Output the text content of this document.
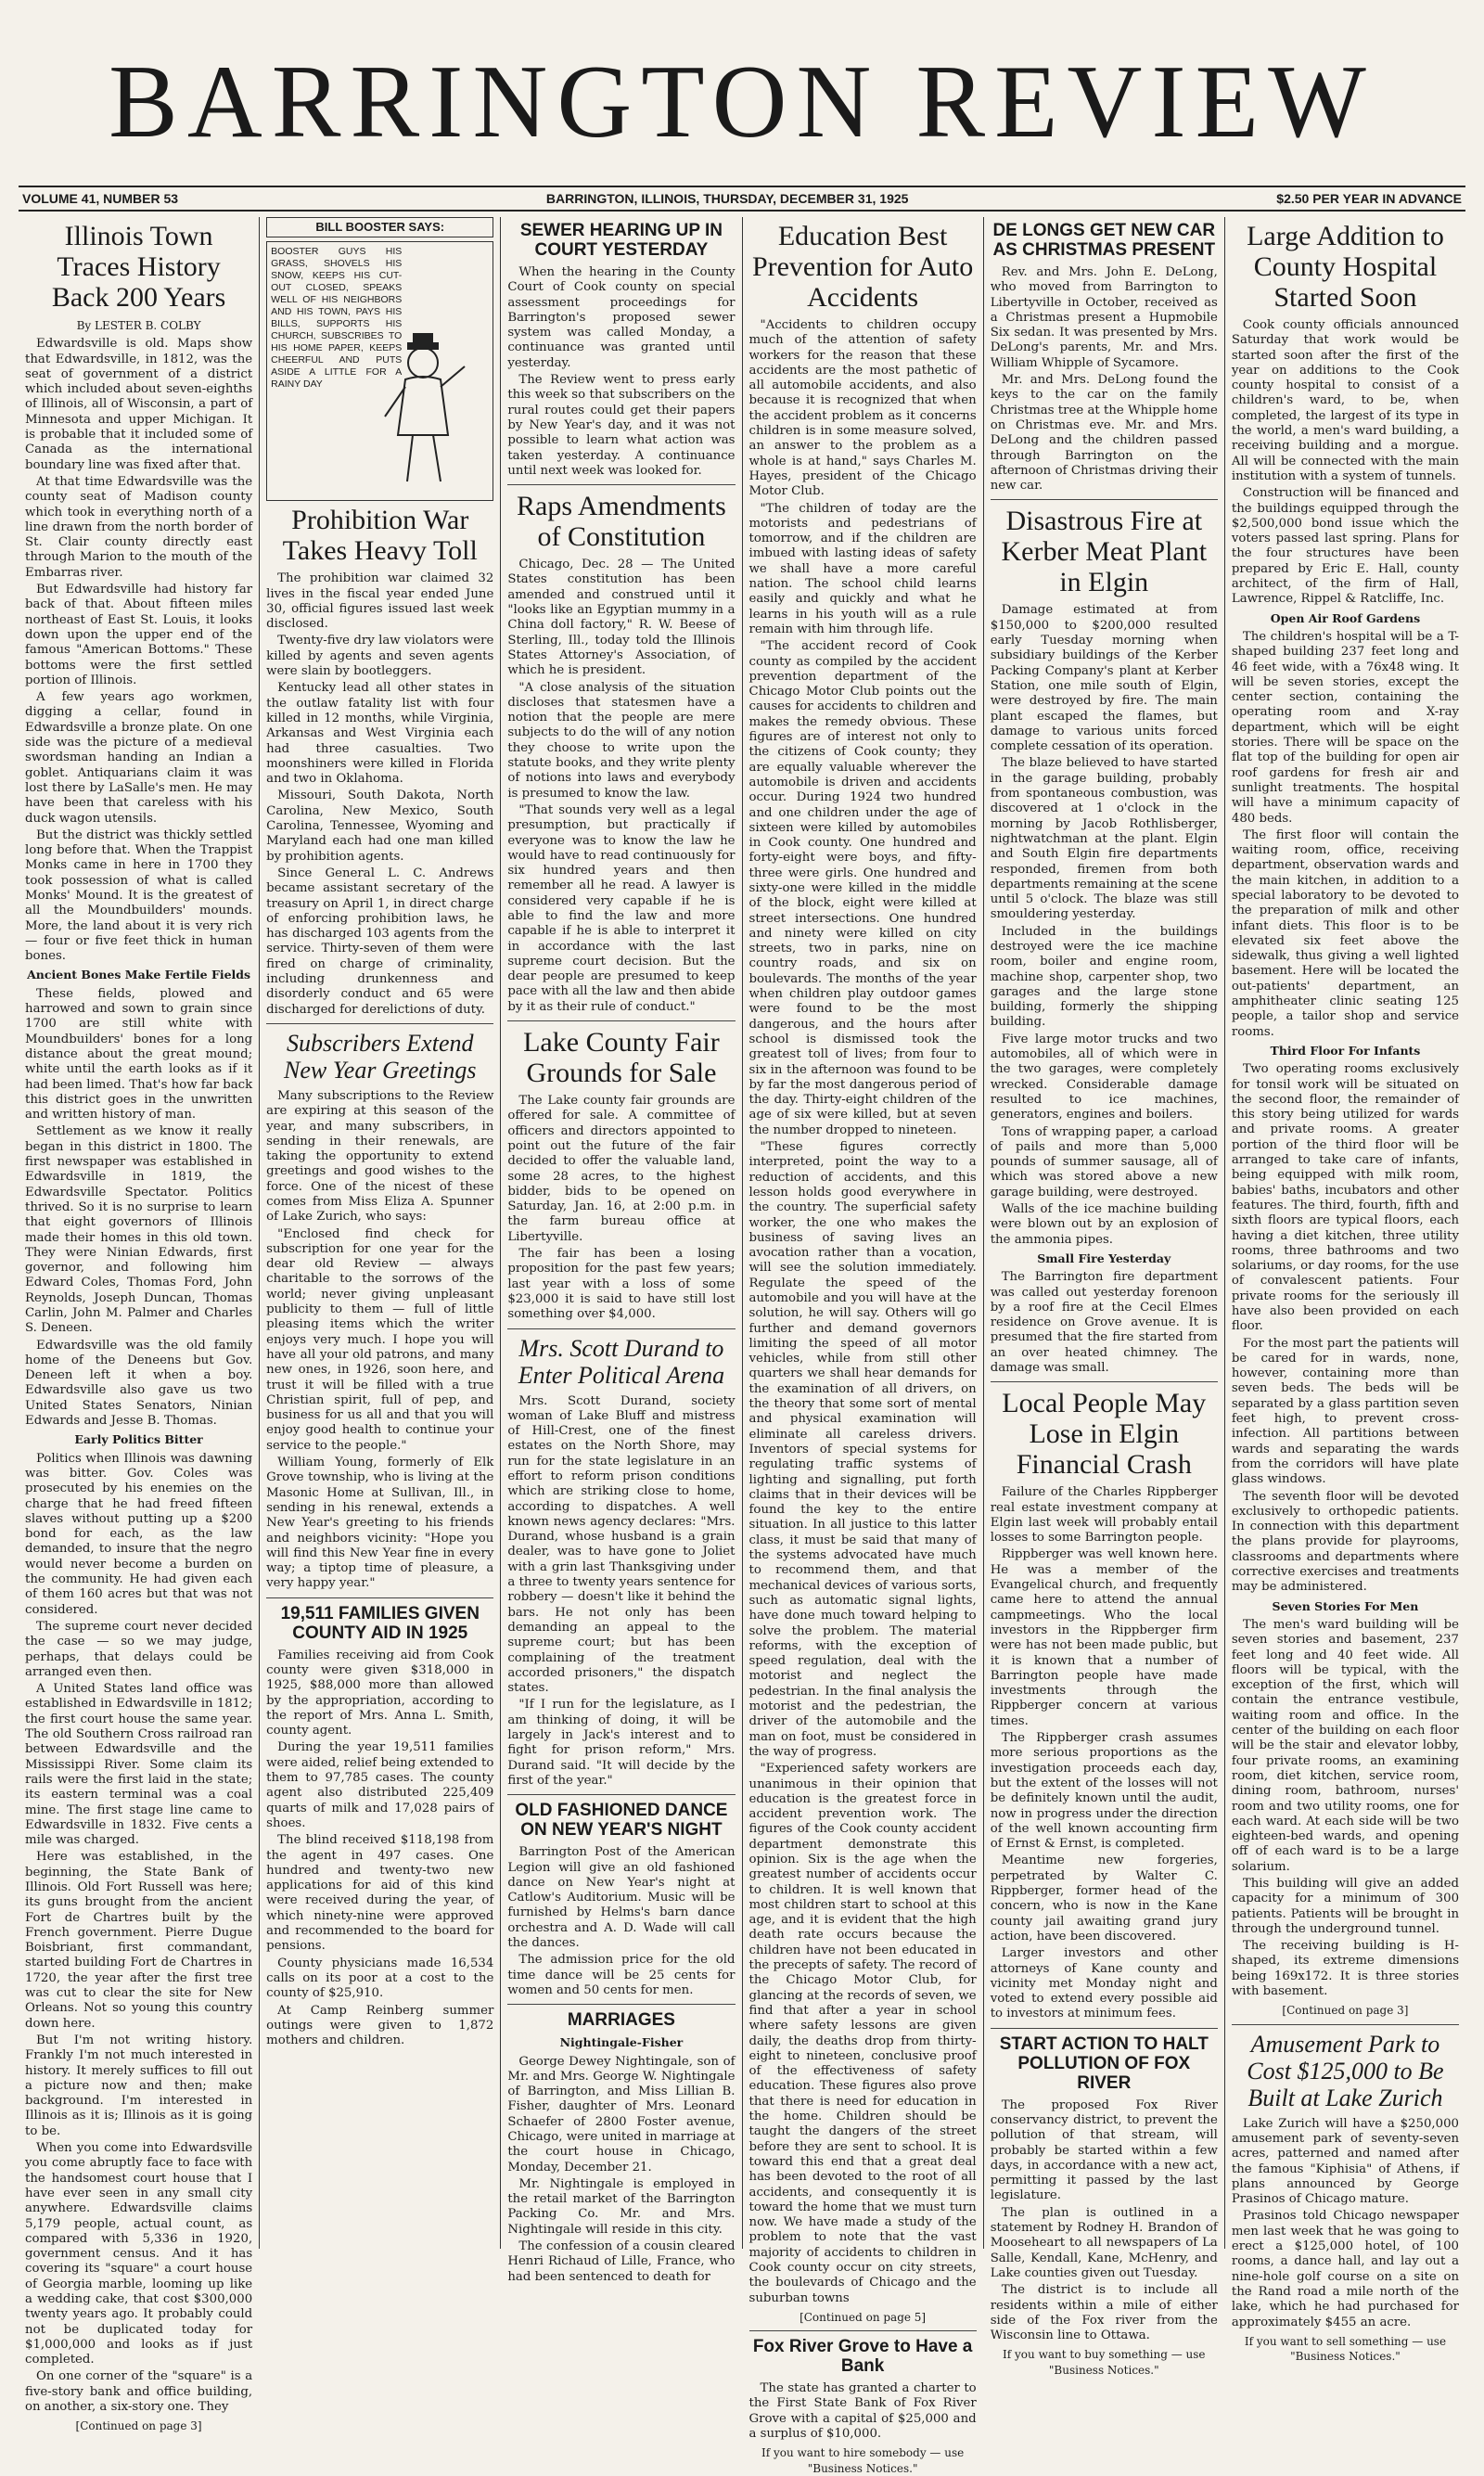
BARRINGTON REVIEW
VOLUME 41, NUMBER 53	BARRINGTON, ILLINOIS, THURSDAY, DECEMBER 31, 1925	$2.50 PER YEAR IN ADVANCE
Illinois Town Traces History Back 200 Years
By LESTER B. COLBY

Edwardsville is old. Maps show that Edwardsville, in 1812, was the seat of government of a district which included about seven-eighths of Illinois, all of Wisconsin, a part of Minnesota and upper Michigan. It is probable that it included some of Canada as the international boundary line was fixed after that.

At that time Edwardsville was the county seat of Madison county which took in everything north of a line drawn from the north border of St. Clair county directly east through Marion to the mouth of the Embarras river.

But Edwardsville had history far back of that. About fifteen miles northeast of East St. Louis, it looks down upon the upper end of the famous "American Bottoms." These bottoms were the first settled portion of Illinois.

A few years ago workmen, digging a cellar, found in Edwardsville a bronze plate. On one side was the picture of a medieval swordsman handing an Indian a goblet. Antiquarians claim it was lost there by LaSalle's men. He may have been that careless with his duck wagon utensils.

But the district was thickly settled long before that. When the Trappist Monks came in here in 1700 they took possession of what is called Monks' Mound. It is the greatest of all the Moundbuilders' mounds. More, the land about it is very rich — four or five feet thick in human bones.

Ancient Bones Make Fertile Fields

These fields, plowed and harrowed and sown to grain since 1700 are still white with Moundbuilders' bones for a long distance about the great mound; white until the earth looks as if it had been limed. That's how far back this district goes in the unwritten and written history of man.

Settlement as we know it really began in this district in 1800. The first newspaper was established in Edwardsville in 1819, the Edwardsville Spectator. Politics thrived. So it is no surprise to learn that eight governors of Illinois made their homes in this old town. They were Ninian Edwards, first governor, and following him Edward Coles, Thomas Ford, John Reynolds, Joseph Duncan, Thomas Carlin, John M. Palmer and Charles S. Deneen.

Edwardsville was the old family home of the Deneens but Gov. Deneen left it when a boy. Edwardsville also gave us two United States Senators, Ninian Edwards and Jesse B. Thomas.

Early Politics Bitter

Politics when Illinois was dawning was bitter. Gov. Coles was prosecuted by his enemies on the charge that he had freed fifteen slaves without putting up a $200 bond for each, as the law demanded, to insure that the negro would never become a burden on the community. He had given each of them 160 acres but that was not considered.

The supreme court never decided the case — so we may judge, perhaps, that delays could be arranged even then.

A United States land office was established in Edwardsville in 1812; the first court house the same year. The old Southern Cross railroad ran between Edwardsville and the Mississippi River. Some claim its rails were the first laid in the state; its eastern terminal was a coal mine. The first stage line came to Edwardsville in 1832. Five cents a mile was charged.

Here was established, in the beginning, the State Bank of Illinois. Old Fort Russell was here; its guns brought from the ancient Fort de Chartres built by the French government. Pierre Dugue Boisbriant, first commandant, started building Fort de Chartres in 1720, the year after the first tree was cut to clear the site for New Orleans. Not so young this country down here.

But I'm not writing history. Frankly I'm not much interested in history. It merely suffices to fill out a picture now and then; make background. I'm interested in Illinois as it is; Illinois as it is going to be.

When you come into Edwardsville you come abruptly face to face with the handsomest court house that I have ever seen in any small city anywhere. Edwardsville claims 5,179 people, actual count, as compared with 5,336 in 1920, government census. And it has covering its "square" a court house of Georgia marble, looming up like a wedding cake, that cost $300,000 twenty years ago. It probably could not be duplicated today for $1,000,000 and looks as if just completed.

On one corner of the "square" is a five-story bank and office building, on another, a six-story one. They

[Continued on page 3]
BILL BOOSTER SAYS:
BOOSTER GUYS HIS GRASS, SHOVELS HIS SNOW, KEEPS HIS CUT-OUT CLOSED, SPEAKS WELL OF HIS NEIGHBORS AND HIS TOWN, PAYS HIS BILLS, SUPPORTS HIS CHURCH, SUBSCRIBES TO HIS HOME PAPER, KEEPS CHEERFUL AND PUTS ASIDE A LITTLE FOR A RAINY DAY
Prohibition War Takes Heavy Toll

The prohibition war claimed 32 lives in the fiscal year ended June 30, official figures issued last week disclosed.

Twenty-five dry law violators were killed by agents and seven agents were slain by bootleggers.

Kentucky lead all other states in the outlaw fatality list with four killed in 12 months, while Virginia, Arkansas and West Virginia each had three casualties. Two moonshiners were killed in Florida and two in Oklahoma.

Missouri, South Dakota, North Carolina, New Mexico, South Carolina, Tennessee, Wyoming and Maryland each had one man killed by prohibition agents.

Since General L. C. Andrews became assistant secretary of the treasury on April 1, in direct charge of enforcing prohibition laws, he has discharged 103 agents from the service. Thirty-seven of them were fired on charge of criminality, including drunkenness and disorderly conduct and 65 were discharged for derelictions of duty.

Subscribers Extend New Year Greetings

Many subscriptions to the Review are expiring at this season of the year, and many subscribers, in sending in their renewals, are taking the opportunity to extend greetings and good wishes to the force. One of the nicest of these comes from Miss Eliza A. Spunner of Lake Zurich, who says:

"Enclosed find check for subscription for one year for the dear old Review — always charitable to the sorrows of the world; never giving unpleasant publicity to them — full of little pleasing items which the writer enjoys very much. I hope you will have all your old patrons, and many new ones, in 1926, soon here, and trust it will be filled with a true Christian spirit, full of pep, and business for us all and that you will enjoy good health to continue your service to the people."

William Young, formerly of Elk Grove township, who is living at the Masonic Home at Sullivan, Ill., in sending in his renewal, extends a New Year's greeting to his friends and neighbors vicinity: "Hope you will find this New Year fine in every way; a tiptop time of pleasure, a very happy year."

19,511 FAMILIES GIVEN COUNTY AID IN 1925

Families receiving aid from Cook county were given $318,000 in 1925, $88,000 more than allowed by the appropriation, according to the report of Mrs. Anna L. Smith, county agent.

During the year 19,511 families were aided, relief being extended to them to 97,785 cases. The county agent also distributed 225,409 quarts of milk and 17,028 pairs of shoes.

The blind received $118,198 from the agent in 497 cases. One hundred and twenty-two new applications for aid of this kind were received during the year, of which ninety-nine were approved and recommended to the board for pensions.

County physicians made 16,534 calls on its poor at a cost to the county of $25,910.

At Camp Reinberg summer outings were given to 1,872 mothers and children.

SEWER HEARING UP IN COURT YESTERDAY

When the hearing in the County Court of Cook county on special assessment proceedings for Barrington's proposed sewer system was called Monday, a continuance was granted until yesterday.

The Review went to press early this week so that subscribers on the rural routes could get their papers by New Year's day, and it was not possible to learn what action was taken yesterday. A continuance until next week was looked for.

Raps Amendments of Constitution

Chicago, Dec. 28 — The United States constitution has been amended and construed until it "looks like an Egyptian mummy in a China doll factory," R. W. Beese of Sterling, Ill., today told the Illinois States Attorney's Association, of which he is president.

"A close analysis of the situation discloses that statesmen have a notion that the people are mere subjects to do the will of any notion they choose to write upon the statute books, and they write plenty of notions into laws and everybody is presumed to know the law.

"That sounds very well as a legal presumption, but practically if everyone was to know the law he would have to read continuously for six hundred years and then remember all he read. A lawyer is considered very capable if he is able to find the law and more capable if he is able to interpret it in accordance with the last supreme court decision. But the dear people are presumed to keep pace with all the law and then abide by it as their rule of conduct."

Lake County Fair Grounds for Sale

The Lake county fair grounds are offered for sale. A committee of officers and directors appointed to point out the future of the fair decided to offer the valuable land, some 28 acres, to the highest bidder, bids to be opened on Saturday, Jan. 16, at 2:00 p.m. in the farm bureau office at Libertyville.

The fair has been a losing proposition for the past few years; last year with a loss of some $23,000 it is said to have still lost something over $4,000.

Mrs. Scott Durand to Enter Political Arena

Mrs. Scott Durand, society woman of Lake Bluff and mistress of Hill-Crest, one of the finest estates on the North Shore, may run for the state legislature in an effort to reform prison conditions which are striking close to home, according to dispatches. A well known news agency declares: "Mrs. Durand, whose husband is a grain dealer, was to have gone to Joliet with a grin last Thanksgiving under a three to twenty years sentence for robbery — doesn't like it behind the bars. He not only has been demanding an appeal to the supreme court; but has been complaining of the treatment accorded prisoners," the dispatch states.

"If I run for the legislature, as I am thinking of doing, it will be largely in Jack's interest and to fight for prison reform," Mrs. Durand said. "It will decide by the first of the year."

OLD FASHIONED DANCE ON NEW YEAR'S NIGHT

Barrington Post of the American Legion will give an old fashioned dance on New Year's night at Catlow's Auditorium. Music will be furnished by Helms's barn dance orchestra and A. D. Wade will call the dances.

The admission price for the old time dance will be 25 cents for women and 50 cents for men.

MARRIAGES
Nightingale-Fisher

George Dewey Nightingale, son of Mr. and Mrs. George W. Nightingale of Barrington, and Miss Lillian B. Fisher, daughter of Mrs. Leonard Schaefer of 2800 Foster avenue, Chicago, were united in marriage at the court house in Chicago, Monday, December 21.

Mr. Nightingale is employed in the retail market of the Barrington Packing Co. Mr. and Mrs. Nightingale will reside in this city.

The confession of a cousin cleared Henri Richaud of Lille, France, who had been sentenced to death for

Education Best Prevention for Auto Accidents

"Accidents to children occupy much of the attention of safety workers for the reason that these accidents are the most pathetic of all automobile accidents, and also because it is recognized that when the accident problem as it concerns children is in some measure solved, an answer to the problem as a whole is at hand," says Charles M. Hayes, president of the Chicago Motor Club.

"The children of today are the motorists and pedestrians of tomorrow, and if the children are imbued with lasting ideas of safety we shall have a more careful nation. The school child learns easily and quickly and what he learns in his youth will as a rule remain with him through life.

"The accident record of Cook county as compiled by the accident prevention department of the Chicago Motor Club points out the causes for accidents to children and makes the remedy obvious. These figures are of interest not only to the citizens of Cook county; they are equally valuable wherever the automobile is driven and accidents occur. During 1924 two hundred and one children under the age of sixteen were killed by automobiles in Cook county. One hundred and forty-eight were boys, and fifty-three were girls. One hundred and sixty-one were killed in the middle of the block, eight were killed at street intersections. One hundred and ninety were killed on city streets, two in parks, nine on country roads, and six on boulevards. The months of the year when children play outdoor games were found to be the most dangerous, and the hours after school is dismissed took the greatest toll of lives; from four to six in the afternoon was found to be by far the most dangerous period of the day. Thirty-eight children of the age of six were killed, but at seven the number dropped to nineteen.

"These figures correctly interpreted, point the way to a reduction of accidents, and this lesson holds good everywhere in the country. The superficial safety worker, the one who makes the business of saving lives an avocation rather than a vocation, will see the solution immediately. Regulate the speed of the automobile and you will have at the solution, he will say. Others will go further and demand governors limiting the speed of all motor vehicles, while from still other quarters we shall hear demands for the examination of all drivers, on the theory that some sort of mental and physical examination will eliminate all careless drivers. Inventors of special systems for regulating traffic systems of lighting and signalling, put forth claims that in their devices will be found the key to the entire situation. In all justice to this latter class, it must be said that many of the systems advocated have much to recommend them, and that mechanical devices of various sorts, such as automatic signal lights, have done much toward helping to solve the problem. The material reforms, with the exception of speed regulation, deal with the motorist and neglect the pedestrian. In the final analysis the motorist and the pedestrian, the driver of the automobile and the man on foot, must be considered in the way of progress.

"Experienced safety workers are unanimous in their opinion that education is the greatest force in accident prevention work. The figures of the Cook county accident department demonstrate this opinion. Six is the age when the greatest number of accidents occur to children. It is well known that most children start to school at this age, and it is evident that the high death rate occurs because the children have not been educated in the precepts of safety. The record of the Chicago Motor Club, for glancing at the records of seven, we find that after a year in school where safety lessons are given daily, the deaths drop from thirty-eight to nineteen, conclusive proof of the effectiveness of safety education. These figures also prove that there is need for education in the home. Children should be taught the dangers of the street before they are sent to school. It is toward this end that a great deal has been devoted to the root of all accidents, and consequently it is toward the home that we must turn now. We have made a study of the problem to note that the vast majority of accidents to children in Cook county occur on city streets, the boulevards of Chicago and the suburban towns

[Continued on page 5]
Fox River Grove to Have a Bank

The state has granted a charter to the First State Bank of Fox River Grove with a capital of $25,000 and a surplus of $10,000.

If you want to hire somebody — use "Business Notices."
DE LONGS GET NEW CAR AS CHRISTMAS PRESENT

Rev. and Mrs. John E. DeLong, who moved from Barrington to Libertyville in October, received as a Christmas present a Hupmobile Six sedan. It was presented by Mrs. DeLong's parents, Mr. and Mrs. William Whipple of Sycamore.

Mr. and Mrs. DeLong found the keys to the car on the family Christmas tree at the Whipple home on Christmas eve. Mr. and Mrs. DeLong and the children passed through Barrington on the afternoon of Christmas driving their new car.

Disastrous Fire at Kerber Meat Plant in Elgin

Damage estimated at from $150,000 to $200,000 resulted early Tuesday morning when subsidiary buildings of the Kerber Packing Company's plant at Kerber Station, one mile south of Elgin, were destroyed by fire. The main plant escaped the flames, but damage to various units forced complete cessation of its operation.

The blaze believed to have started in the garage building, probably from spontaneous combustion, was discovered at 1 o'clock in the morning by Jacob Rothlisberger, nightwatchman at the plant. Elgin and South Elgin fire departments responded, firemen from both departments remaining at the scene until 5 o'clock. The blaze was still smouldering yesterday.

Included in the buildings destroyed were the ice machine room, boiler and engine room, machine shop, carpenter shop, two garages and the large stone building, formerly the shipping building.

Five large motor trucks and two automobiles, all of which were in the two garages, were completely wrecked. Considerable damage resulted to ice machines, generators, engines and boilers.

Tons of wrapping paper, a carload of pails and more than 5,000 pounds of summer sausage, all of which was stored above a new garage building, were destroyed.

Walls of the ice machine building were blown out by an explosion of the ammonia pipes.

Small Fire Yesterday

The Barrington fire department was called out yesterday forenoon by a roof fire at the Cecil Elmes residence on Grove avenue. It is presumed that the fire started from an over heated chimney. The damage was small.

Local People May Lose in Elgin Financial Crash

Failure of the Charles Rippberger real estate investment company at Elgin last week will probably entail losses to some Barrington people.

Rippberger was well known here. He was a member of the Evangelical church, and frequently came here to attend the annual campmeetings. Who the local investors in the Rippberger firm were has not been made public, but it is known that a number of Barrington people have made investments through the Rippberger concern at various times.

The Rippberger crash assumes more serious proportions as the investigation proceeds each day, but the extent of the losses will not be definitely known until the audit, now in progress under the direction of the well known accounting firm of Ernst & Ernst, is completed.

Meantime new forgeries, perpetrated by Walter C. Rippberger, former head of the concern, who is now in the Kane county jail awaiting grand jury action, have been discovered.

Larger investors and other attorneys of Kane county and vicinity met Monday night and voted to extend every possible aid to investors at minimum fees.

START ACTION TO HALT POLLUTION OF FOX RIVER

The proposed Fox River conservancy district, to prevent the pollution of that stream, will probably be started within a few days, in accordance with a new act, permitting it passed by the last legislature.

The plan is outlined in a statement by Rodney H. Brandon of Mooseheart to all newspapers of La Salle, Kendall, Kane, McHenry, and Lake counties given out Tuesday.

The district is to include all residents within a mile of either side of the Fox river from the Wisconsin line to Ottawa.

If you want to buy something — use "Business Notices."
Large Addition to County Hospital Started Soon

Cook county officials announced Saturday that work would be started soon after the first of the year on additions to the Cook county hospital to consist of a children's ward, to be, when completed, the largest of its type in the world, a men's ward building, a receiving building and a morgue. All will be connected with the main institution with a system of tunnels.

Construction will be financed and the buildings equipped through the $2,500,000 bond issue which the voters passed last spring. Plans for the four structures have been prepared by Eric E. Hall, county architect, of the firm of Hall, Lawrence, Rippel & Ratcliffe, Inc.

Open Air Roof Gardens

The children's hospital will be a T-shaped building 237 feet long and 46 feet wide, with a 76x48 wing. It will be seven stories, except the center section, containing the operating room and X-ray department, which will be eight stories. There will be space on the flat top of the building for open air roof gardens for fresh air and sunlight treatments. The hospital will have a minimum capacity of 480 beds.

The first floor will contain the waiting room, office, receiving department, observation wards and the main kitchen, in addition to a special laboratory to be devoted to the preparation of milk and other infant diets. This floor is to be elevated six feet above the sidewalk, thus giving a well lighted basement. Here will be located the out-patients' department, an amphitheater clinic seating 125 people, a tailor shop and service rooms.

Third Floor For Infants

Two operating rooms exclusively for tonsil work will be situated on the second floor, the remainder of this story being utilized for wards and private rooms. A greater portion of the third floor will be arranged to take care of infants, being equipped with milk room, babies' baths, incubators and other features. The third, fourth, fifth and sixth floors are typical floors, each having a diet kitchen, three utility rooms, three bathrooms and two solariums, or day rooms, for the use of convalescent patients. Four private rooms for the seriously ill have also been provided on each floor.

For the most part the patients will be cared for in wards, none, however, containing more than seven beds. The beds will be separated by a glass partition seven feet high, to prevent cross-infection. All partitions between wards and separating the wards from the corridors will have plate glass windows.

The seventh floor will be devoted exclusively to orthopedic patients. In connection with this department the plans provide for playrooms, classrooms and departments where corrective exercises and treatments may be administered.

Seven Stories For Men

The men's ward building will be seven stories and basement, 237 feet long and 40 feet wide. All floors will be typical, with the exception of the first, which will contain the entrance vestibule, waiting room and office. In the center of the building on each floor will be the stair and elevator lobby, four private rooms, an examining room, diet kitchen, service room, dining room, bathroom, nurses' room and two utility rooms, one for each ward. At each side will be two eighteen-bed wards, and opening off of each ward is to be a large solarium.

This building will give an added capacity for a minimum of 300 patients. Patients will be brought in through the underground tunnel.

The receiving building is H-shaped, its extreme dimensions being 169x172. It is three stories with basement.

[Continued on page 3]
Amusement Park to Cost $125,000 to Be Built at Lake Zurich

Lake Zurich will have a $250,000 amusement park of seventy-seven acres, patterned and named after the famous "Kiphisia" of Athens, if plans announced by George Prasinos of Chicago mature.

Prasinos told Chicago newspaper men last week that he was going to erect a $125,000 hotel, of 100 rooms, a dance hall, and lay out a nine-hole golf course on a site on the Rand road a mile north of the lake, which he had purchased for approximately $455 an acre.

If you want to sell something — use "Business Notices."
